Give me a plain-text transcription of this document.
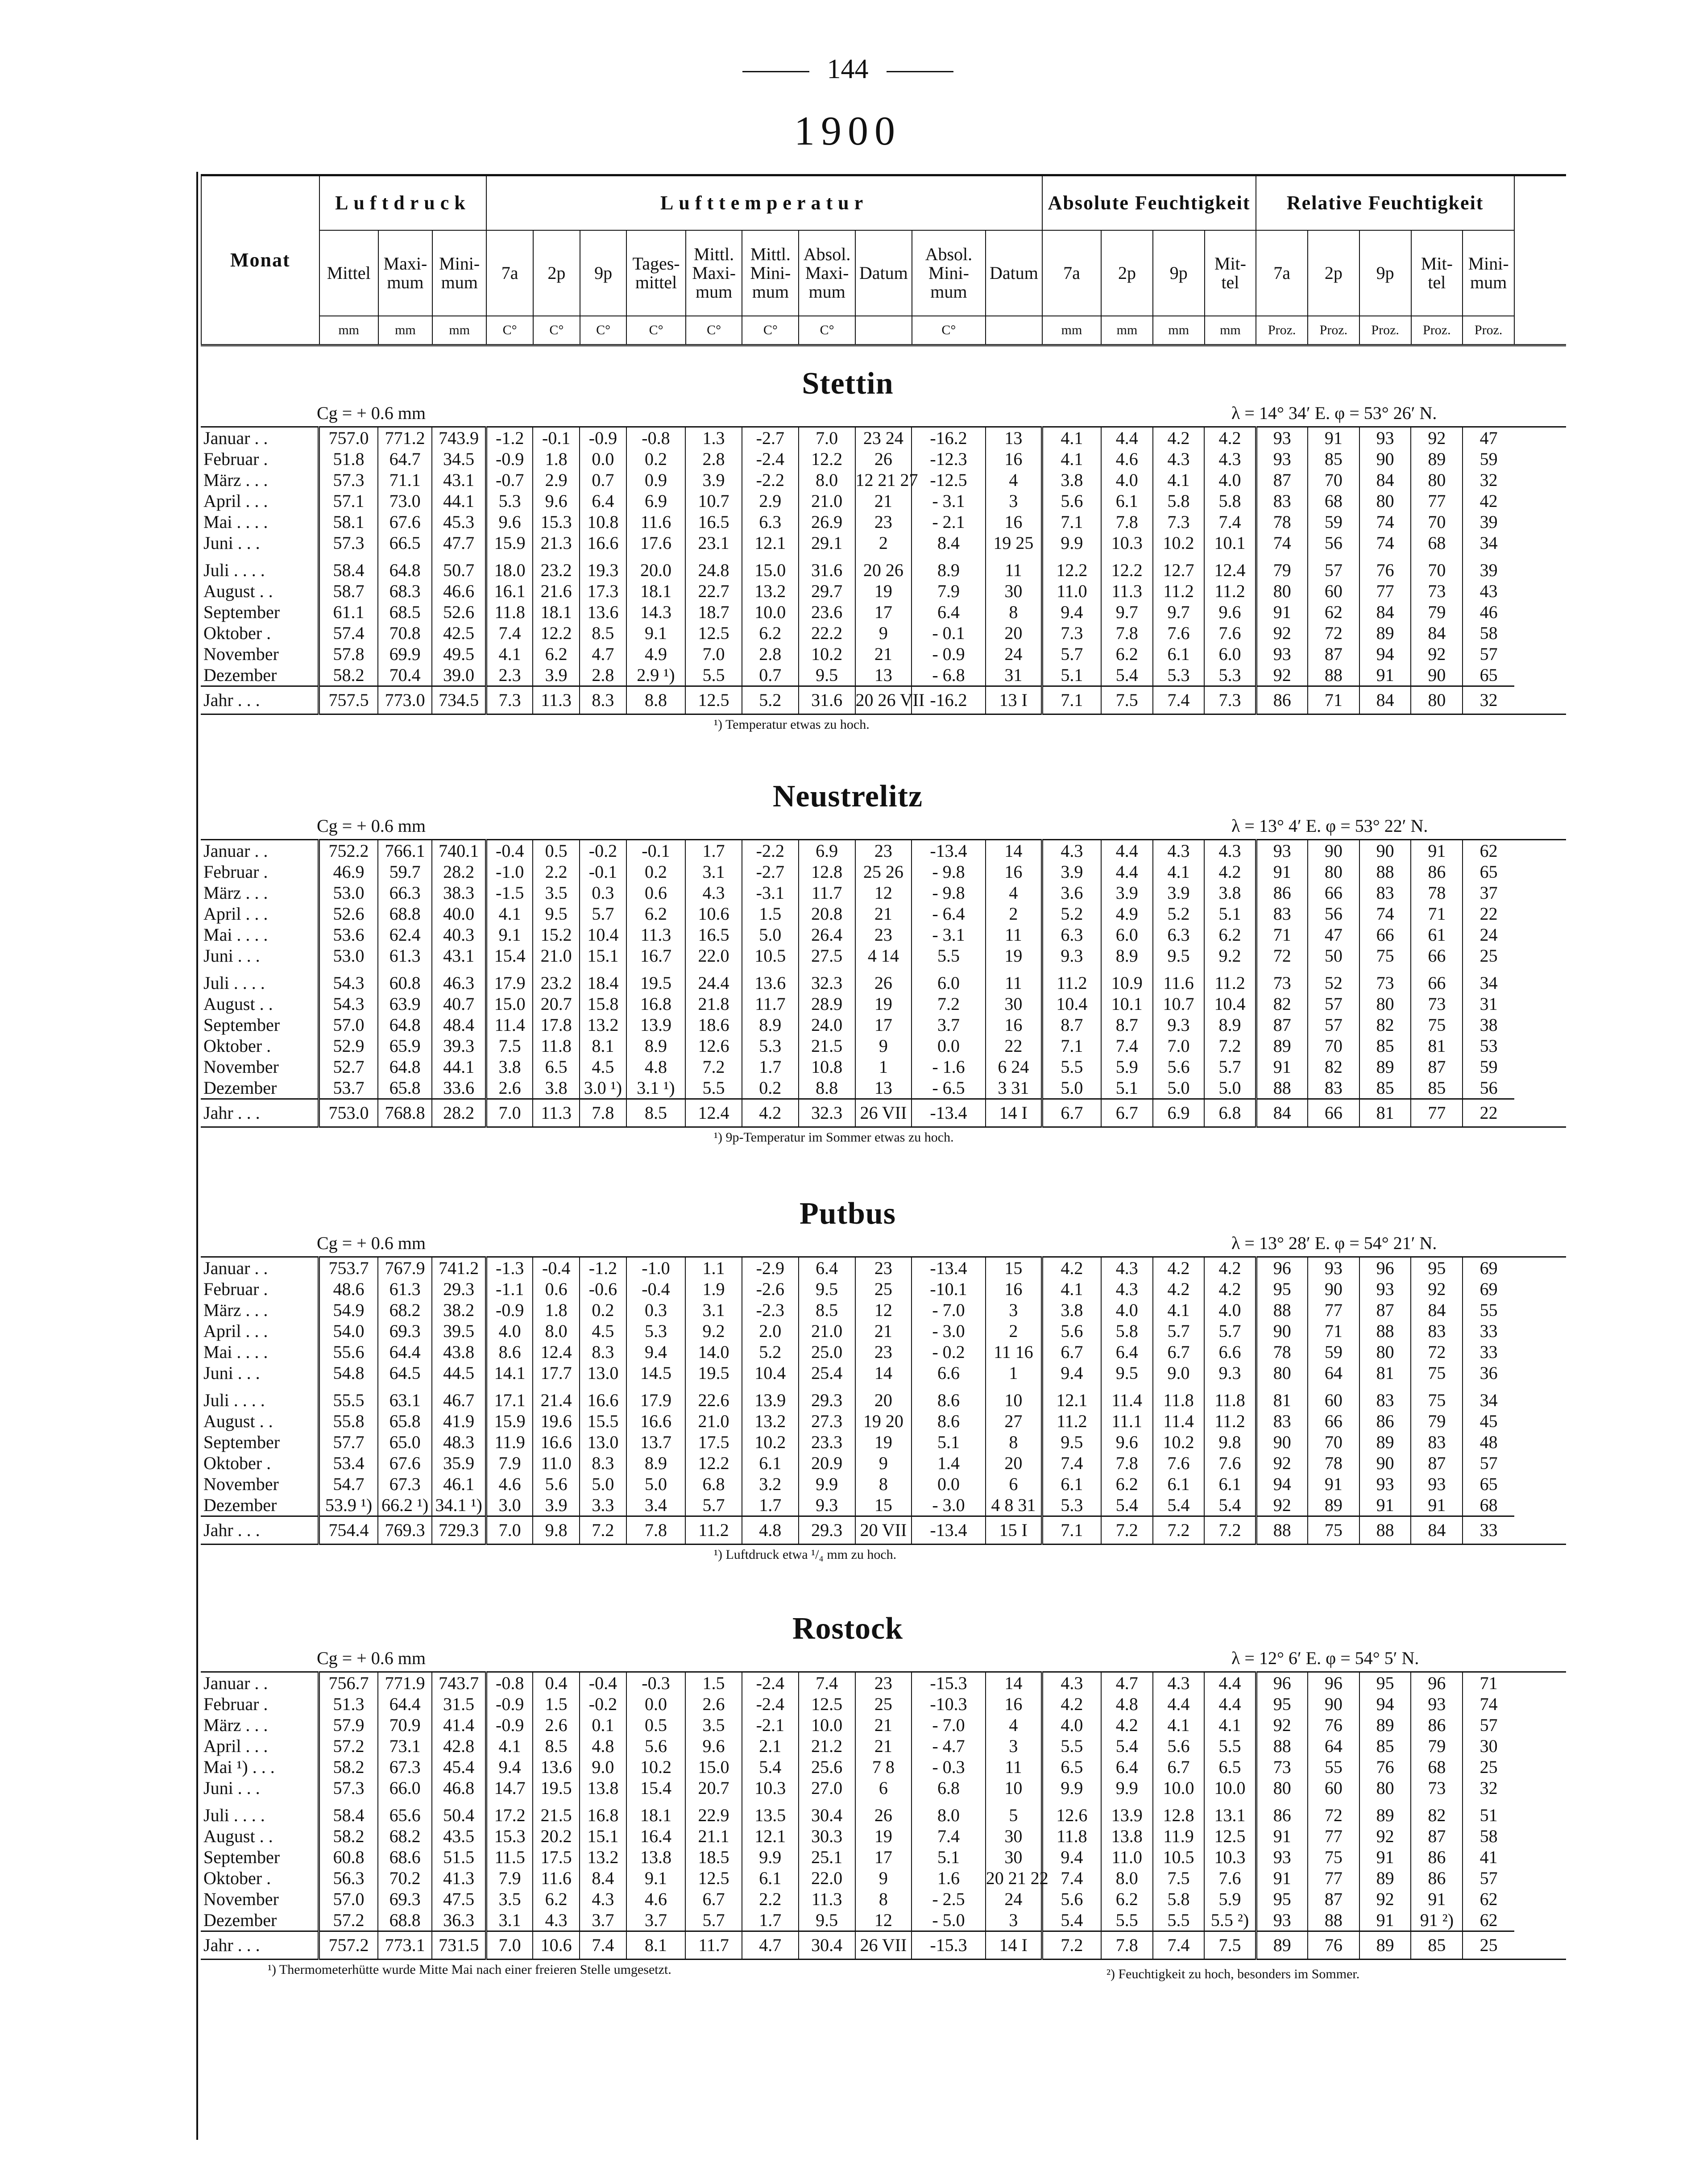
144
1900
Monat	Luftdruck			Lufttemperatur										Absolute Feuchtigkeit				Relative Feuchtigkeit				
	Mittel	Maxi- mum	Mini- mum	7a	2p	9p	Tages- mittel	Mittl. Maxi- mum	Mittl. Mini- mum	Absol. Maxi- mum	Datum	Absol. Mini- mum	Datum	7a	2p	9p	Mit- tel	7a	2p	9p	Mit- tel	Mini- mum
	mm	mm	mm	C°	C°	C°	C°	C°	C°	C°		C°		mm	mm	mm	mm	Proz.	Proz.	Proz.	Proz.	Proz.
Stettin
Cg = + 0.6 mm	λ = 14° 34′ E. φ = 53° 26′ N.
Januar . .	757.0	771.2	743.9	-1.2	-0.1	-0.9	-0.8	1.3	-2.7	7.0	23 24	-16.2	13	4.1	4.4	4.2	4.2	93	91	93	92	47
Februar .	51.8	64.7	34.5	-0.9	1.8	0.0	0.2	2.8	-2.4	12.2	26	-12.3	16	4.1	4.6	4.3	4.3	93	85	90	89	59
März . . .	57.3	71.1	43.1	-0.7	2.9	0.7	0.9	3.9	-2.2	8.0	12 21 27	-12.5	4	3.8	4.0	4.1	4.0	87	70	84	80	32
April . . .	57.1	73.0	44.1	5.3	9.6	6.4	6.9	10.7	2.9	21.0	21	- 3.1	3	5.6	6.1	5.8	5.8	83	68	80	77	42
Mai . . . .	58.1	67.6	45.3	9.6	15.3	10.8	11.6	16.5	6.3	26.9	23	- 2.1	16	7.1	7.8	7.3	7.4	78	59	74	70	39
Juni . . .	57.3	66.5	47.7	15.9	21.3	16.6	17.6	23.1	12.1	29.1	2	8.4	19 25	9.9	10.3	10.2	10.1	74	56	74	68	34
Juli . . . .	58.4	64.8	50.7	18.0	23.2	19.3	20.0	24.8	15.0	31.6	20 26	8.9	11	12.2	12.2	12.7	12.4	79	57	76	70	39
August . .	58.7	68.3	46.6	16.1	21.6	17.3	18.1	22.7	13.2	29.7	19	7.9	30	11.0	11.3	11.2	11.2	80	60	77	73	43
September	61.1	68.5	52.6	11.8	18.1	13.6	14.3	18.7	10.0	23.6	17	6.4	8	9.4	9.7	9.7	9.6	91	62	84	79	46
Oktober .	57.4	70.8	42.5	7.4	12.2	8.5	9.1	12.5	6.2	22.2	9	- 0.1	20	7.3	7.8	7.6	7.6	92	72	89	84	58
November	57.8	69.9	49.5	4.1	6.2	4.7	4.9	7.0	2.8	10.2	21	- 0.9	24	5.7	6.2	6.1	6.0	93	87	94	92	57
Dezember	58.2	70.4	39.0	2.3	3.9	2.8	2.9 ¹)	5.5	0.7	9.5	13	- 6.8	31	5.1	5.4	5.3	5.3	92	88	91	90	65
Jahr . . .	757.5	773.0	734.5	7.3	11.3	8.3	8.8	12.5	5.2	31.6	20 26 VII	-16.2	13 I	7.1	7.5	7.4	7.3	86	71	84	80	32
¹) Temperatur etwas zu hoch.
Neustrelitz
Cg = + 0.6 mm	λ = 13° 4′ E. φ = 53° 22′ N.
Januar . .	752.2	766.1	740.1	-0.4	0.5	-0.2	-0.1	1.7	-2.2	6.9	23	-13.4	14	4.3	4.4	4.3	4.3	93	90	90	91	62
Februar .	46.9	59.7	28.2	-1.0	2.2	-0.1	0.2	3.1	-2.7	12.8	25 26	- 9.8	16	3.9	4.4	4.1	4.2	91	80	88	86	65
März . . .	53.0	66.3	38.3	-1.5	3.5	0.3	0.6	4.3	-3.1	11.7	12	- 9.8	4	3.6	3.9	3.9	3.8	86	66	83	78	37
April . . .	52.6	68.8	40.0	4.1	9.5	5.7	6.2	10.6	1.5	20.8	21	- 6.4	2	5.2	4.9	5.2	5.1	83	56	74	71	22
Mai . . . .	53.6	62.4	40.3	9.1	15.2	10.4	11.3	16.5	5.0	26.4	23	- 3.1	11	6.3	6.0	6.3	6.2	71	47	66	61	24
Juni . . .	53.0	61.3	43.1	15.4	21.0	15.1	16.7	22.0	10.5	27.5	4 14	5.5	19	9.3	8.9	9.5	9.2	72	50	75	66	25
Juli . . . .	54.3	60.8	46.3	17.9	23.2	18.4	19.5	24.4	13.6	32.3	26	6.0	11	11.2	10.9	11.6	11.2	73	52	73	66	34
August . .	54.3	63.9	40.7	15.0	20.7	15.8	16.8	21.8	11.7	28.9	19	7.2	30	10.4	10.1	10.7	10.4	82	57	80	73	31
September	57.0	64.8	48.4	11.4	17.8	13.2	13.9	18.6	8.9	24.0	17	3.7	16	8.7	8.7	9.3	8.9	87	57	82	75	38
Oktober .	52.9	65.9	39.3	7.5	11.8	8.1	8.9	12.6	5.3	21.5	9	0.0	22	7.1	7.4	7.0	7.2	89	70	85	81	53
November	52.7	64.8	44.1	3.8	6.5	4.5	4.8	7.2	1.7	10.8	1	- 1.6	6 24	5.5	5.9	5.6	5.7	91	82	89	87	59
Dezember	53.7	65.8	33.6	2.6	3.8	3.0 ¹)	3.1 ¹)	5.5	0.2	8.8	13	- 6.5	3 31	5.0	5.1	5.0	5.0	88	83	85	85	56
Jahr . . .	753.0	768.8	28.2	7.0	11.3	7.8	8.5	12.4	4.2	32.3	26 VII	-13.4	14 I	6.7	6.7	6.9	6.8	84	66	81	77	22
¹) 9p-Temperatur im Sommer etwas zu hoch.
Putbus
Cg = + 0.6 mm	λ = 13° 28′ E. φ = 54° 21′ N.
Januar . .	753.7	767.9	741.2	-1.3	-0.4	-1.2	-1.0	1.1	-2.9	6.4	23	-13.4	15	4.2	4.3	4.2	4.2	96	93	96	95	69
Februar .	48.6	61.3	29.3	-1.1	0.6	-0.6	-0.4	1.9	-2.6	9.5	25	-10.1	16	4.1	4.3	4.2	4.2	95	90	93	92	69
März . . .	54.9	68.2	38.2	-0.9	1.8	0.2	0.3	3.1	-2.3	8.5	12	- 7.0	3	3.8	4.0	4.1	4.0	88	77	87	84	55
April . . .	54.0	69.3	39.5	4.0	8.0	4.5	5.3	9.2	2.0	21.0	21	- 3.0	2	5.6	5.8	5.7	5.7	90	71	88	83	33
Mai . . . .	55.6	64.4	43.8	8.6	12.4	8.3	9.4	14.0	5.2	25.0	23	- 0.2	11 16	6.7	6.4	6.7	6.6	78	59	80	72	33
Juni . . .	54.8	64.5	44.5	14.1	17.7	13.0	14.5	19.5	10.4	25.4	14	6.6	1	9.4	9.5	9.0	9.3	80	64	81	75	36
Juli . . . .	55.5	63.1	46.7	17.1	21.4	16.6	17.9	22.6	13.9	29.3	20	8.6	10	12.1	11.4	11.8	11.8	81	60	83	75	34
August . .	55.8	65.8	41.9	15.9	19.6	15.5	16.6	21.0	13.2	27.3	19 20	8.6	27	11.2	11.1	11.4	11.2	83	66	86	79	45
September	57.7	65.0	48.3	11.9	16.6	13.0	13.7	17.5	10.2	23.3	19	5.1	8	9.5	9.6	10.2	9.8	90	70	89	83	48
Oktober .	53.4	67.6	35.9	7.9	11.0	8.3	8.9	12.2	6.1	20.9	9	1.4	20	7.4	7.8	7.6	7.6	92	78	90	87	57
November	54.7	67.3	46.1	4.6	5.6	5.0	5.0	6.8	3.2	9.9	8	0.0	6	6.1	6.2	6.1	6.1	94	91	93	93	65
Dezember	53.9 ¹)	66.2 ¹)	34.1 ¹)	3.0	3.9	3.3	3.4	5.7	1.7	9.3	15	- 3.0	4 8 31	5.3	5.4	5.4	5.4	92	89	91	91	68
Jahr . . .	754.4	769.3	729.3	7.0	9.8	7.2	7.8	11.2	4.8	29.3	20 VII	-13.4	15 I	7.1	7.2	7.2	7.2	88	75	88	84	33
¹) Luftdruck etwa ¹/₄ mm zu hoch.
Rostock
Cg = + 0.6 mm	λ = 12° 6′ E. φ = 54° 5′ N.
Januar . .	756.7	771.9	743.7	-0.8	0.4	-0.4	-0.3	1.5	-2.4	7.4	23	-15.3	14	4.3	4.7	4.3	4.4	96	96	95	96	71
Februar .	51.3	64.4	31.5	-0.9	1.5	-0.2	0.0	2.6	-2.4	12.5	25	-10.3	16	4.2	4.8	4.4	4.4	95	90	94	93	74
März . . .	57.9	70.9	41.4	-0.9	2.6	0.1	0.5	3.5	-2.1	10.0	21	- 7.0	4	4.0	4.2	4.1	4.1	92	76	89	86	57
April . . .	57.2	73.1	42.8	4.1	8.5	4.8	5.6	9.6	2.1	21.2	21	- 4.7	3	5.5	5.4	5.6	5.5	88	64	85	79	30
Mai ¹) . . .	58.2	67.3	45.4	9.4	13.6	9.0	10.2	15.0	5.4	25.6	7 8	- 0.3	11	6.5	6.4	6.7	6.5	73	55	76	68	25
Juni . . .	57.3	66.0	46.8	14.7	19.5	13.8	15.4	20.7	10.3	27.0	6	6.8	10	9.9	9.9	10.0	10.0	80	60	80	73	32
Juli . . . .	58.4	65.6	50.4	17.2	21.5	16.8	18.1	22.9	13.5	30.4	26	8.0	5	12.6	13.9	12.8	13.1	86	72	89	82	51
August . .	58.2	68.2	43.5	15.3	20.2	15.1	16.4	21.1	12.1	30.3	19	7.4	30	11.8	13.8	11.9	12.5	91	77	92	87	58
September	60.8	68.6	51.5	11.5	17.5	13.2	13.8	18.5	9.9	25.1	17	5.1	30	9.4	11.0	10.5	10.3	93	75	91	86	41
Oktober .	56.3	70.2	41.3	7.9	11.6	8.4	9.1	12.5	6.1	22.0	9	1.6	20 21 22	7.4	8.0	7.5	7.6	91	77	89	86	57
November	57.0	69.3	47.5	3.5	6.2	4.3	4.6	6.7	2.2	11.3	8	- 2.5	24	5.6	6.2	5.8	5.9	95	87	92	91	62
Dezember	57.2	68.8	36.3	3.1	4.3	3.7	3.7	5.7	1.7	9.5	12	- 5.0	3	5.4	5.5	5.5	5.5 ²)	93	88	91	91 ²)	62
Jahr . . .	757.2	773.1	731.5	7.0	10.6	7.4	8.1	11.7	4.7	30.4	26 VII	-15.3	14 I	7.2	7.8	7.4	7.5	89	76	89	85	25
¹) Thermometerhütte wurde Mitte Mai nach einer freieren Stelle umgesetzt.	²) Feuchtigkeit zu hoch, besonders im Sommer.
